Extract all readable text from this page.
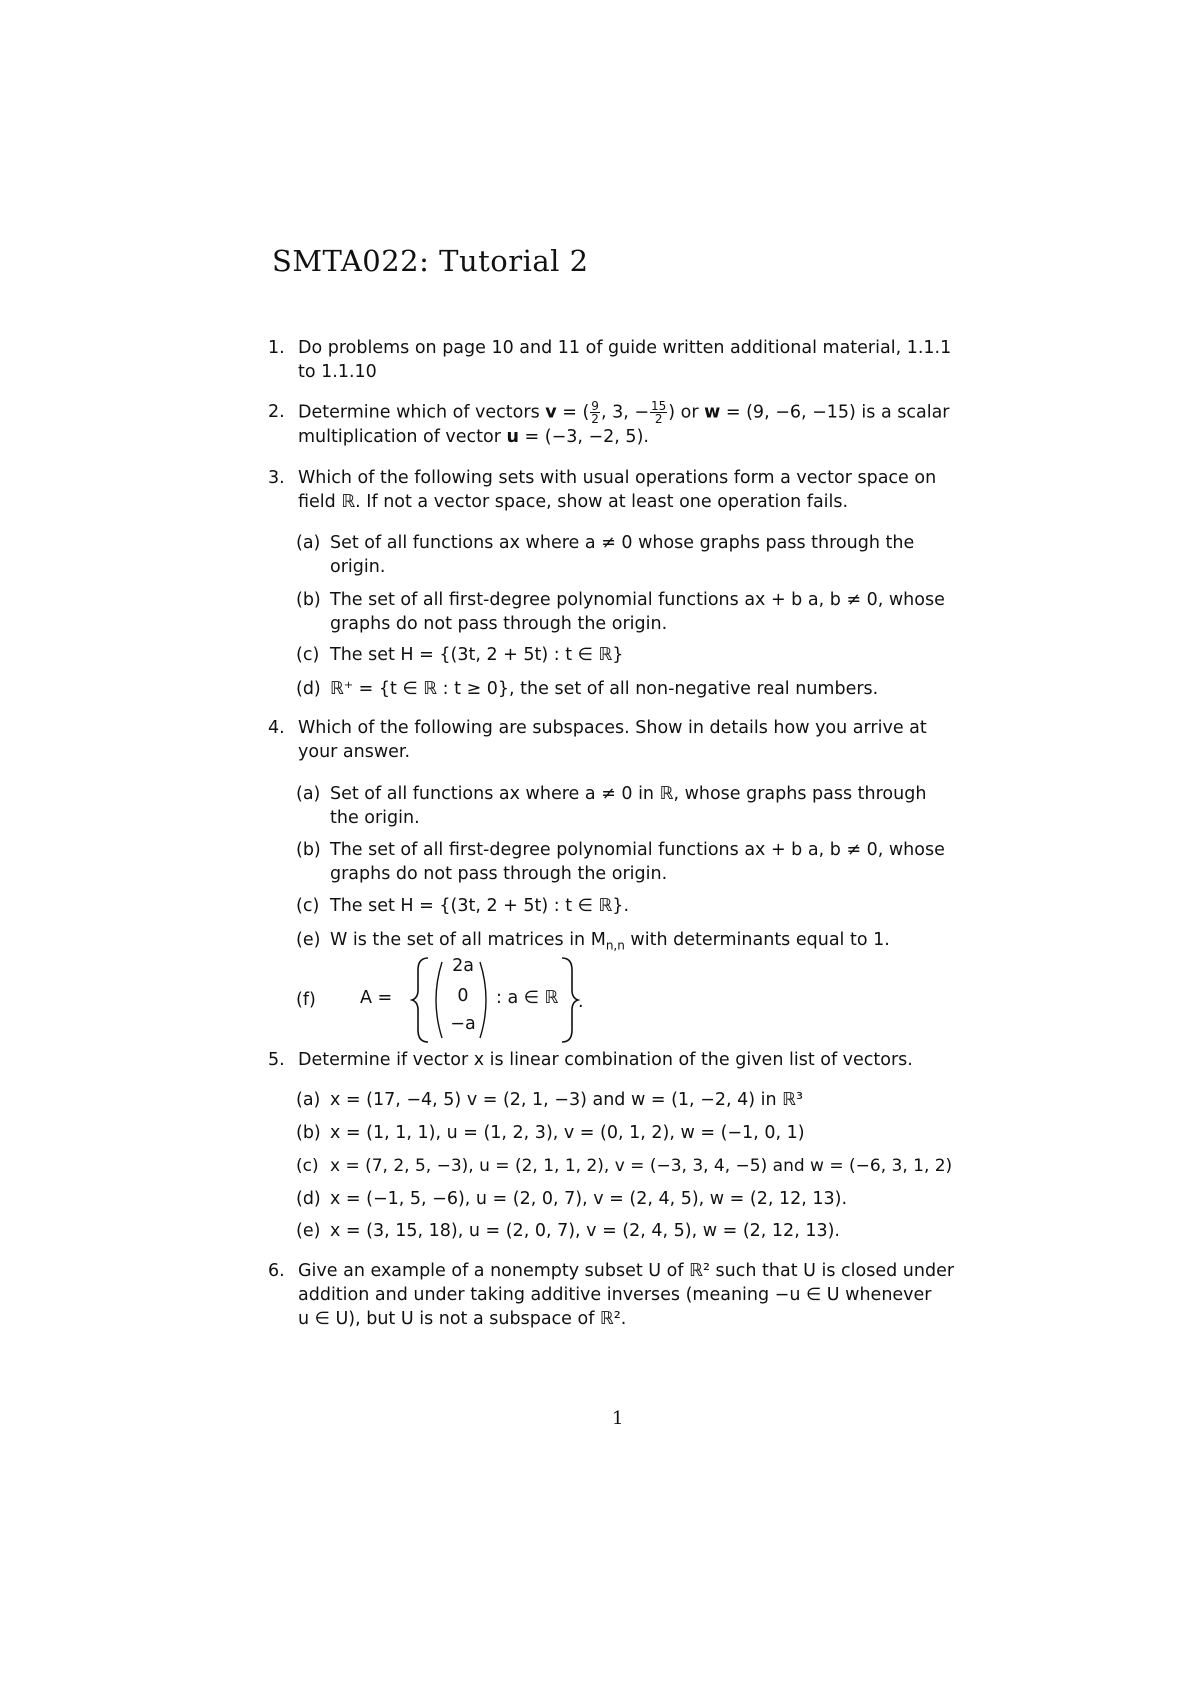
SMTA022: Tutorial 2
1. Do problems on page 10 and 11 of guide written additional material, 1.1.1
to 1.1.10
2. Determine which of vectors v = ( $\frac{9}{2}$ , 3, − $\frac{15}{2}$ ) or w = (9, −6, −15) is a scalar
multiplication of vector u = (−3, −2, 5).
3. Which of the following sets with usual operations form a vector space on
field ℝ. If not a vector space, show at least one operation fails.
(a) Set of all functions ax where a ≠ 0 whose graphs pass through the
origin.
(b) The set of all first-degree polynomial functions ax + b a, b ≠ 0, whose
graphs do not pass through the origin.
(c) The set H = {(3t, 2 + 5t) : t ∈ ℝ}
(d) ℝ⁺ = {t ∈ ℝ : t ≥ 0}, the set of all non-negative real numbers.
4. Which of the following are subspaces. Show in details how you arrive at
your answer.
(a) Set of all functions ax where a ≠ 0 in ℝ, whose graphs pass through
the origin.
(b) The set of all first-degree polynomial functions ax + b a, b ≠ 0, whose
graphs do not pass through the origin.
(c) The set H = {(3t, 2 + 5t) : t ∈ ℝ}.
(e) W is the set of all matrices in $M_{n,n}$ with determinants equal to 1.
(f)	A =
2a
0
−a
: a ∈ ℝ .
5. Determine if vector x is linear combination of the given list of vectors.
(a) x = (17, −4, 5) v = (2, 1, −3) and w = (1, −2, 4) in ℝ³
(b) x = (1, 1, 1), u = (1, 2, 3), v = (0, 1, 2), w = (−1, 0, 1)
(c) x = (7, 2, 5, −3), u = (2, 1, 1, 2), v = (−3, 3, 4, −5) and w = (−6, 3, 1, 2)
(d) x = (−1, 5, −6), u = (2, 0, 7), v = (2, 4, 5), w = (2, 12, 13).
(e) x = (3, 15, 18), u = (2, 0, 7), v = (2, 4, 5), w = (2, 12, 13).
6. Give an example of a nonempty subset U of ℝ² such that U is closed under
addition and under taking additive inverses (meaning −u ∈ U whenever
u ∈ U), but U is not a subspace of ℝ².
1
